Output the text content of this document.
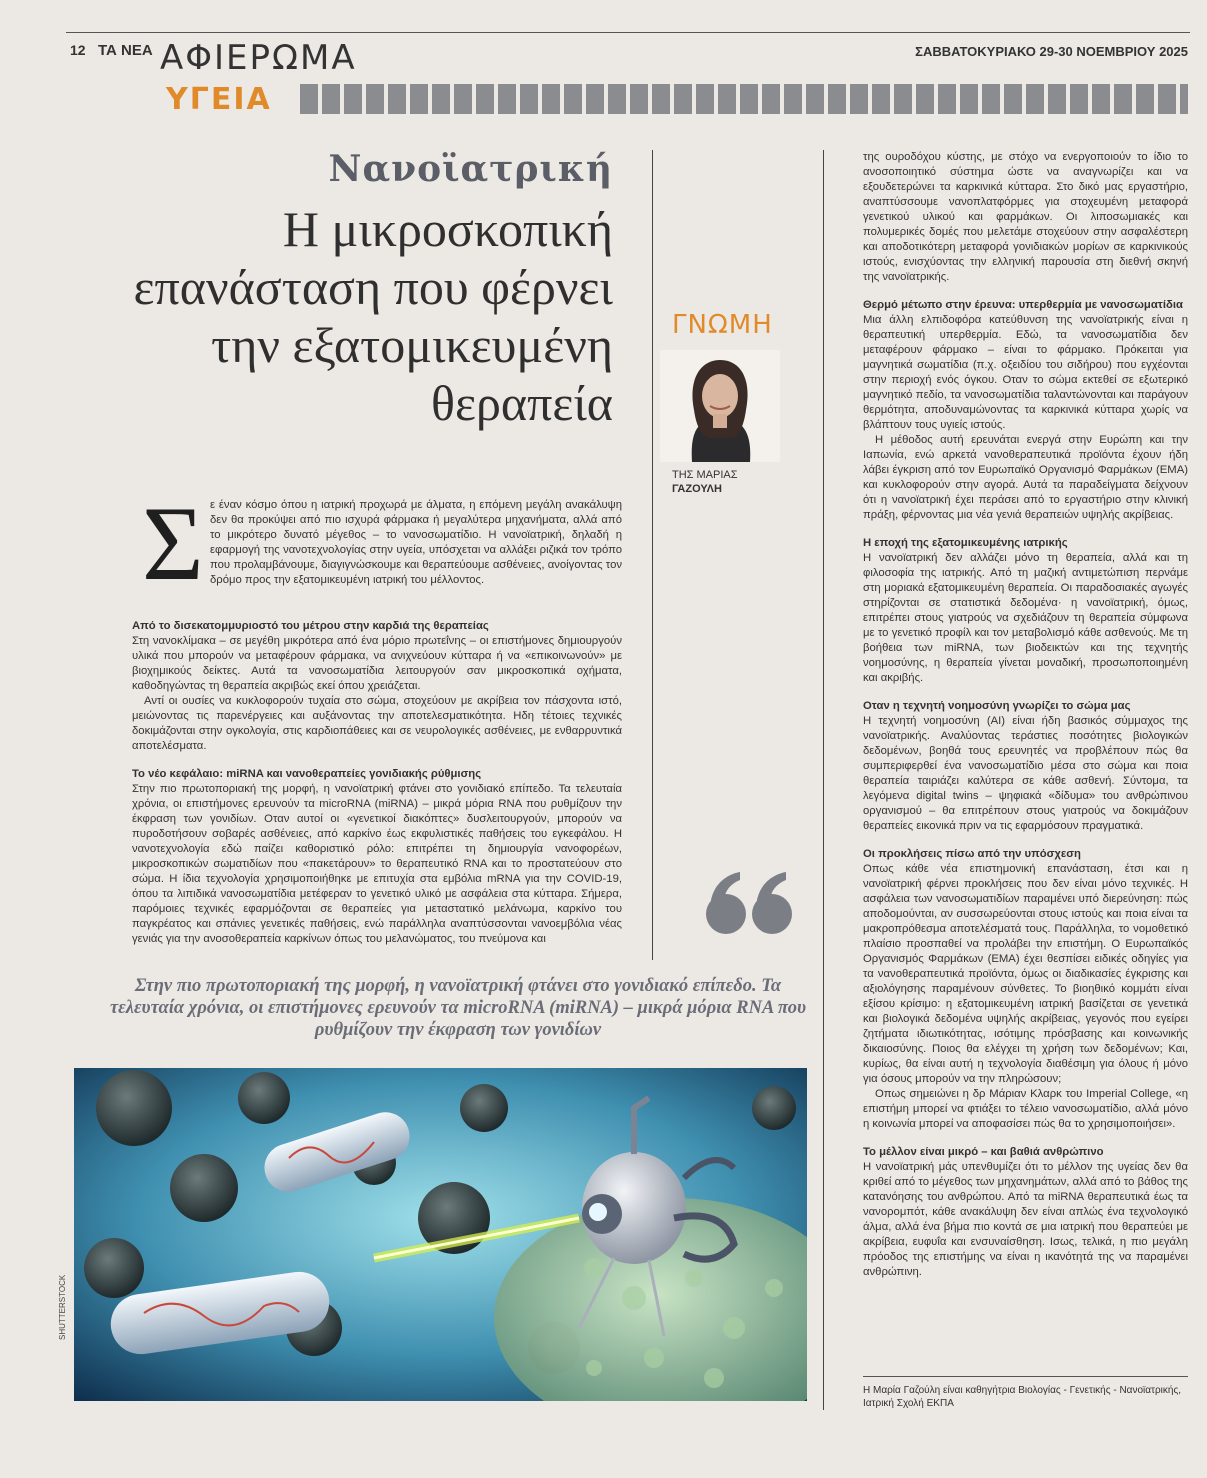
12 ΤΑ ΝΕΑ ΑΦΙΕΡΩΜΑ	ΣΑΒΒΑΤΟΚΥΡΙΑΚΟ 29-30 ΝΟΕΜΒΡΙΟΥ 2025
ΥΓΕΙΑ
Νανοϊατρική
Η μικροσκοπική
επανάσταση που φέρνει
την εξατομικευμένη
θεραπεία
ΓΝΩΜΗ
ΤΗΣ ΜΑΡΙΑΣ
ΓΑΖΟΥΛΗ
Σ ε έναν κόσμο όπου η ιατρική προχωρά με άλματα, η επόμενη μεγάλη ανακάλυψη δεν θα προκύψει από πιο ισχυρά φάρμακα ή μεγαλύτερα μηχανήματα, αλλά από το μικρότερο δυνατό μέγεθος – το νανοσωματίδιο. Η νανοϊατρική, δηλαδή η εφαρμογή της νανοτεχνολογίας στην υγεία, υπόσχεται να αλλάξει ριζικά τον τρόπο που προλαμβάνουμε, διαγιγνώσκουμε και θεραπεύουμε ασθένειες, ανοίγοντας τον δρόμο προς την εξατομικευμένη ιατρική του μέλλοντος.

Από το δισεκατομμυριοστό του μέτρου στην καρδιά της θεραπείας

Στη νανοκλίμακα – σε μεγέθη μικρότερα από ένα μόριο πρωτεΐνης – οι επιστήμονες δημιουργούν υλικά που μπορούν να μεταφέρουν φάρμακα, να ανιχνεύουν κύτταρα ή να «επικοινωνούν» με βιοχημικούς δείκτες. Αυτά τα νανοσωματίδια λειτουργούν σαν μικροσκοπικά οχήματα, καθοδηγώντας τη θεραπεία ακριβώς εκεί όπου χρειάζεται.

Αντί οι ουσίες να κυκλοφορούν τυχαία στο σώμα, στοχεύουν με ακρίβεια τον πάσχοντα ιστό, μειώνοντας τις παρενέργειες και αυξάνοντας την αποτελεσματικότητα. Ηδη τέτοιες τεχνικές δοκιμάζονται στην ογκολογία, στις καρδιοπάθειες και σε νευρολογικές ασθένειες, με ενθαρρυντικά αποτελέσματα.

Το νέο κεφάλαιο: miRNA και νανοθεραπείες γονιδιακής ρύθμισης

Στην πιο πρωτοποριακή της μορφή, η νανοϊατρική φτάνει στο γονιδιακό επίπεδο. Τα τελευταία χρόνια, οι επιστήμονες ερευνούν τα microRNA (miRNA) – μικρά μόρια RNA που ρυθμίζουν την έκφραση των γονιδίων. Οταν αυτοί οι «γενετικοί διακόπτες» δυσλειτουργούν, μπορούν να πυροδοτήσουν σοβαρές ασθένειες, από καρκίνο έως εκφυλιστικές παθήσεις του εγκεφάλου. Η νανοτεχνολογία εδώ παίζει καθοριστικό ρόλο: επιτρέπει τη δημιουργία νανοφορέων, μικροσκοπικών σωματιδίων που «πακετάρουν» το θεραπευτικό RNA και το προστατεύουν στο σώμα. Η ίδια τεχνολογία χρησιμοποιήθηκε με επιτυχία στα εμβόλια mRNA για την COVID-19, όπου τα λιπιδικά νανοσωματίδια μετέφεραν το γενετικό υλικό με ασφάλεια στα κύτταρα. Σήμερα, παρόμοιες τεχνικές εφαρμόζονται σε θεραπείες για μεταστατικό μελάνωμα, καρκίνο του παγκρέατος και σπάνιες γενετικές παθήσεις, ενώ παράλληλα αναπτύσσονται νανοεμβόλια νέας γενιάς για την ανοσοθεραπεία καρκίνων όπως του μελανώματος, του πνεύμονα και

Στην πιο πρωτοποριακή της μορφή, η νανοϊατρική φτάνει στο γονιδιακό επίπεδο. Τα τελευταία χρόνια, οι επιστήμονες ερευνούν τα microRNA (miRNA) – μικρά μόρια RNA που ρυθμίζουν την έκφραση των γονιδίων
SHUTTERSTOCK

της ουροδόχου κύστης, με στόχο να ενεργοποιούν το ίδιο το ανοσοποιητικό σύστημα ώστε να αναγνωρίζει και να εξουδετερώνει τα καρκινικά κύτταρα. Στο δικό μας εργαστήριο, αναπτύσσουμε νανοπλατφόρμες για στοχευμένη μεταφορά γενετικού υλικού και φαρμάκων. Οι λιποσωμιακές και πολυμερικές δομές που μελετάμε στοχεύουν στην ασφαλέστερη και αποδοτικότερη μεταφορά γονιδιακών μορίων σε καρκινικούς ιστούς, ενισχύοντας την ελληνική παρουσία στη διεθνή σκηνή της νανοϊατρικής.

Θερμό μέτωπο στην έρευνα: υπερθερμία με νανοσωματίδια

Μια άλλη ελπιδοφόρα κατεύθυνση της νανοϊατρικής είναι η θεραπευτική υπερθερμία. Εδώ, τα νανοσωματίδια δεν μεταφέρουν φάρμακο – είναι το φάρμακο. Πρόκειται για μαγνητικά σωματίδια (π.χ. οξειδίου του σιδήρου) που εγχέονται στην περιοχή ενός όγκου. Οταν το σώμα εκτεθεί σε εξωτερικό μαγνητικό πεδίο, τα νανοσωματίδια ταλαντώνονται και παράγουν θερμότητα, αποδυναμώνοντας τα καρκινικά κύτταρα χωρίς να βλάπτουν τους υγιείς ιστούς.

Η μέθοδος αυτή ερευνάται ενεργά στην Ευρώπη και την Ιαπωνία, ενώ αρκετά νανοθεραπευτικά προϊόντα έχουν ήδη λάβει έγκριση από τον Ευρωπαϊκό Οργανισμό Φαρμάκων (ΕΜΑ) και κυκλοφορούν στην αγορά. Αυτά τα παραδείγματα δείχνουν ότι η νανοϊατρική έχει περάσει από το εργαστήριο στην κλινική πράξη, φέρνοντας μια νέα γενιά θεραπειών υψηλής ακρίβειας.

Η εποχή της εξατομικευμένης ιατρικής

Η νανοϊατρική δεν αλλάζει μόνο τη θεραπεία, αλλά και τη φιλοσοφία της ιατρικής. Από τη μαζική αντιμετώπιση περνάμε στη μοριακά εξατομικευμένη θεραπεία. Οι παραδοσιακές αγωγές στηρίζονται σε στατιστικά δεδομένα· η νανοϊατρική, όμως, επιτρέπει στους γιατρούς να σχεδιάζουν τη θεραπεία σύμφωνα με το γενετικό προφίλ και τον μεταβολισμό κάθε ασθενούς. Με τη βοήθεια των miRNA, των βιοδεικτών και της τεχνητής νοημοσύνης, η θεραπεία γίνεται μοναδική, προσωποποιημένη και ακριβής.

Οταν η τεχνητή νοημοσύνη γνωρίζει το σώμα μας

Η τεχνητή νοημοσύνη (AI) είναι ήδη βασικός σύμμαχος της νανοϊατρικής. Αναλύοντας τεράστιες ποσότητες βιολογικών δεδομένων, βοηθά τους ερευνητές να προβλέπουν πώς θα συμπεριφερθεί ένα νανοσωματίδιο μέσα στο σώμα και ποια θεραπεία ταιριάζει καλύτερα σε κάθε ασθενή. Σύντομα, τα λεγόμενα digital twins – ψηφιακά «δίδυμα» του ανθρώπινου οργανισμού – θα επιτρέπουν στους γιατρούς να δοκιμάζουν θεραπείες εικονικά πριν να τις εφαρμόσουν πραγματικά.

Οι προκλήσεις πίσω από την υπόσχεση

Οπως κάθε νέα επιστημονική επανάσταση, έτσι και η νανοϊατρική φέρνει προκλήσεις που δεν είναι μόνο τεχνικές. Η ασφάλεια των νανοσωματιδίων παραμένει υπό διερεύνηση: πώς αποδομούνται, αν συσσωρεύονται στους ιστούς και ποια είναι τα μακροπρόθεσμα αποτελέσματά τους. Παράλληλα, το νομοθετικό πλαίσιο προσπαθεί να προλάβει την επιστήμη. Ο Ευρωπαϊκός Οργανισμός Φαρμάκων (ΕΜΑ) έχει θεσπίσει ειδικές οδηγίες για τα νανοθεραπευτικά προϊόντα, όμως οι διαδικασίες έγκρισης και αξιολόγησης παραμένουν σύνθετες. Το βιοηθικό κομμάτι είναι εξίσου κρίσιμο: η εξατομικευμένη ιατρική βασίζεται σε γενετικά και βιολογικά δεδομένα υψηλής ακρίβειας, γεγονός που εγείρει ζητήματα ιδιωτικότητας, ισότιμης πρόσβασης και κοινωνικής δικαιοσύνης. Ποιος θα ελέγχει τη χρήση των δεδομένων; Και, κυρίως, θα είναι αυτή η τεχνολογία διαθέσιμη για όλους ή μόνο για όσους μπορούν να την πληρώσουν;

Οπως σημειώνει η δρ Μάριαν Κλαρκ του Imperial College, «η επιστήμη μπορεί να φτιάξει το τέλειο νανοσωματίδιο, αλλά μόνο η κοινωνία μπορεί να αποφασίσει πώς θα το χρησιμοποιήσει».

Το μέλλον είναι μικρό – και βαθιά ανθρώπινο

Η νανοϊατρική μάς υπενθυμίζει ότι το μέλλον της υγείας δεν θα κριθεί από το μέγεθος των μηχανημάτων, αλλά από το βάθος της κατανόησης του ανθρώπου. Από τα miRNA θεραπευτικά έως τα νανορομπότ, κάθε ανακάλυψη δεν είναι απλώς ένα τεχνολογικό άλμα, αλλά ένα βήμα πιο κοντά σε μια ιατρική που θεραπεύει με ακρίβεια, ευφυΐα και ενσυναίσθηση. Ισως, τελικά, η πιο μεγάλη πρόοδος της επιστήμης να είναι η ικανότητά της να παραμένει ανθρώπινη.

Η Μαρία Γαζούλη είναι καθηγήτρια Βιολογίας - Γενετικής - Νανοϊατρικής, Ιατρική Σχολή ΕΚΠΑ
